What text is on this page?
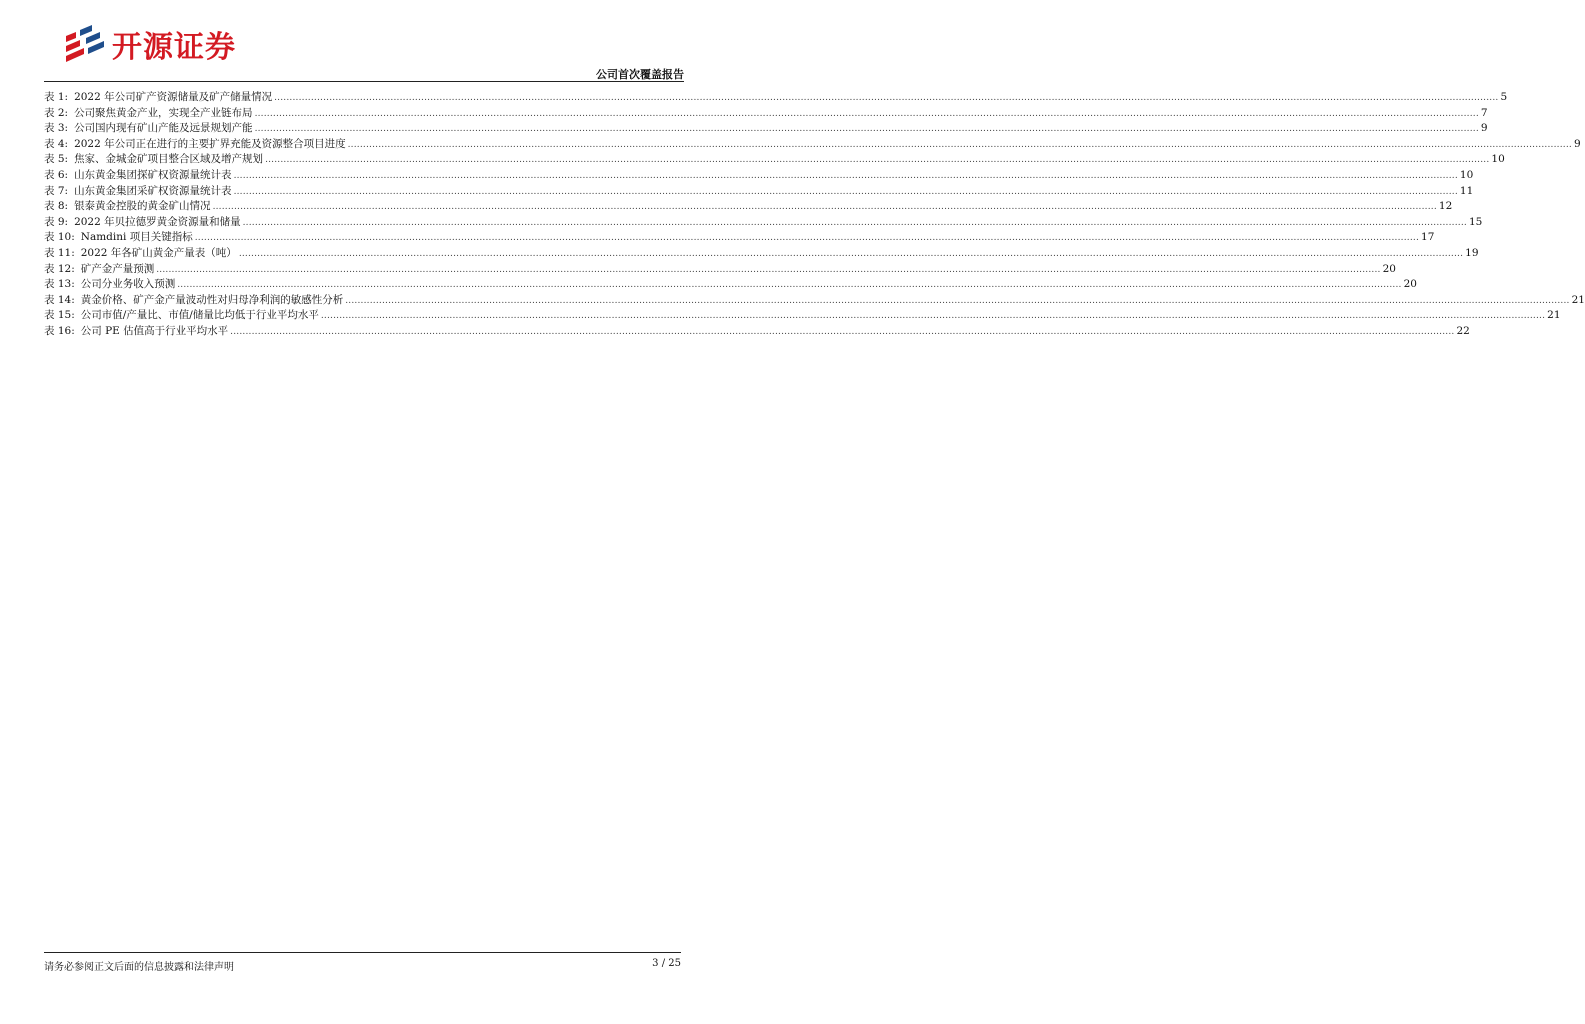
开源证券
公司首次覆盖报告
表 1: 2022 年公司矿产资源储量及矿产储量情况 ................................................................................................................................................................................................................................................................................................................................................................................................................ 5
表 2: 公司聚焦黄金产业，实现全产业链布局 ................................................................................................................................................................................................................................................................................................................................................................................................................ 7
表 3: 公司国内现有矿山产能及远景规划产能 ................................................................................................................................................................................................................................................................................................................................................................................................................ 9
表 4: 2022 年公司正在进行的主要扩界充能及资源整合项目进度 ................................................................................................................................................................................................................................................................................................................................................................................................................ 9
表 5: 焦家、金城金矿项目整合区域及增产规划 ................................................................................................................................................................................................................................................................................................................................................................................................................ 10
表 6: 山东黄金集团探矿权资源量统计表 ................................................................................................................................................................................................................................................................................................................................................................................................................ 10
表 7: 山东黄金集团采矿权资源量统计表 ................................................................................................................................................................................................................................................................................................................................................................................................................ 11
表 8: 银泰黄金控股的黄金矿山情况 ................................................................................................................................................................................................................................................................................................................................................................................................................ 12
表 9: 2022 年贝拉德罗黄金资源量和储量 ................................................................................................................................................................................................................................................................................................................................................................................................................ 15
表 10: Namdini 项目关键指标 ................................................................................................................................................................................................................................................................................................................................................................................................................ 17
表 11: 2022 年各矿山黄金产量表（吨） ................................................................................................................................................................................................................................................................................................................................................................................................................ 19
表 12: 矿产金产量预测 ................................................................................................................................................................................................................................................................................................................................................................................................................ 20
表 13: 公司分业务收入预测 ................................................................................................................................................................................................................................................................................................................................................................................................................ 20
表 14: 黄金价格、矿产金产量波动性对归母净利润的敏感性分析 ................................................................................................................................................................................................................................................................................................................................................................................................................ 21
表 15: 公司市值/产量比、市值/储量比均低于行业平均水平 ................................................................................................................................................................................................................................................................................................................................................................................................................ 21
表 16: 公司 PE 估值高于行业平均水平 ................................................................................................................................................................................................................................................................................................................................................................................................................ 22
请务必参阅正文后面的信息披露和法律声明	3 / 25
